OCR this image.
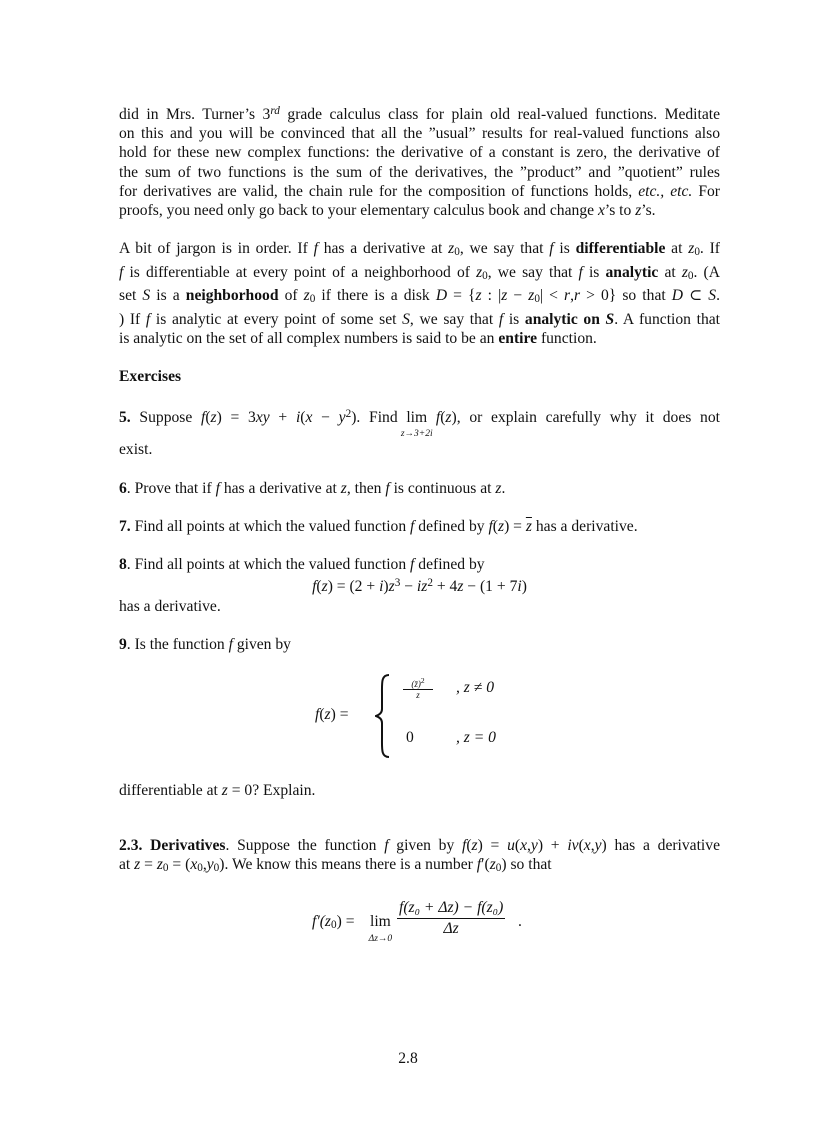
did in Mrs. Turner’s 3rd grade calculus class for plain old real-valued functions. Meditate

on this and you will be convinced that all the ”usual” results for real-valued functions also

hold for these new complex functions: the derivative of a constant is zero, the derivative of

the sum of two functions is the sum of the derivatives, the ”product” and ”quotient” rules

for derivatives are valid, the chain rule for the composition of functions holds, etc., etc. For

proofs, you need only go back to your elementary calculus book and change x’s to z’s.

A bit of jargon is in order. If f has a derivative at $z_0$, we say that f is differentiable at $z_0$. If

f is differentiable at every point of a neighborhood of $z_0$, we say that f is analytic at $z_0$. (A

set S is a neighborhood of $z_0$ if there is a disk D = {z : $|z - z_0| < r,r > 0$} so that D ⊂ S.

) If f is analytic at every point of some set S, we say that f is analytic on S. A function that

is analytic on the set of all complex numbers is said to be an entire function.

Exercises

5. Suppose $f(z) = 3xy + i(x - y^2)$. Find lim
z→3+2i
f(z), or explain carefully why it does not

exist.

6. Prove that if f has a derivative at z, then f is continuous at z.

7. Find all points at which the valued function f defined by $f(z) = \overline{z}$ has a derivative.

8. Find all points at which the valued function f defined by

$f(z) = (2 + i)z^3 - iz^2 + 4z - (1 + 7i)$

has a derivative.

9. Is the function f given by

f(z) =
(z̄)$^2$
z	, z ≠ 0
0	, z = 0

differentiable at z = 0? Explain.

2.3. Derivatives. Suppose the function f given by f(z) = u(x,y) + iv(x,y) has a derivative

at $z = z_0 = (x_0,y_0)$. We know this means there is a number $f'(z_0)$ so that

$f'(z_0) = \lim$
Δz→0
$\frac{\text{f(z₀ + Δz) − f(z₀)}}{\Delta z}$ .
2.8
